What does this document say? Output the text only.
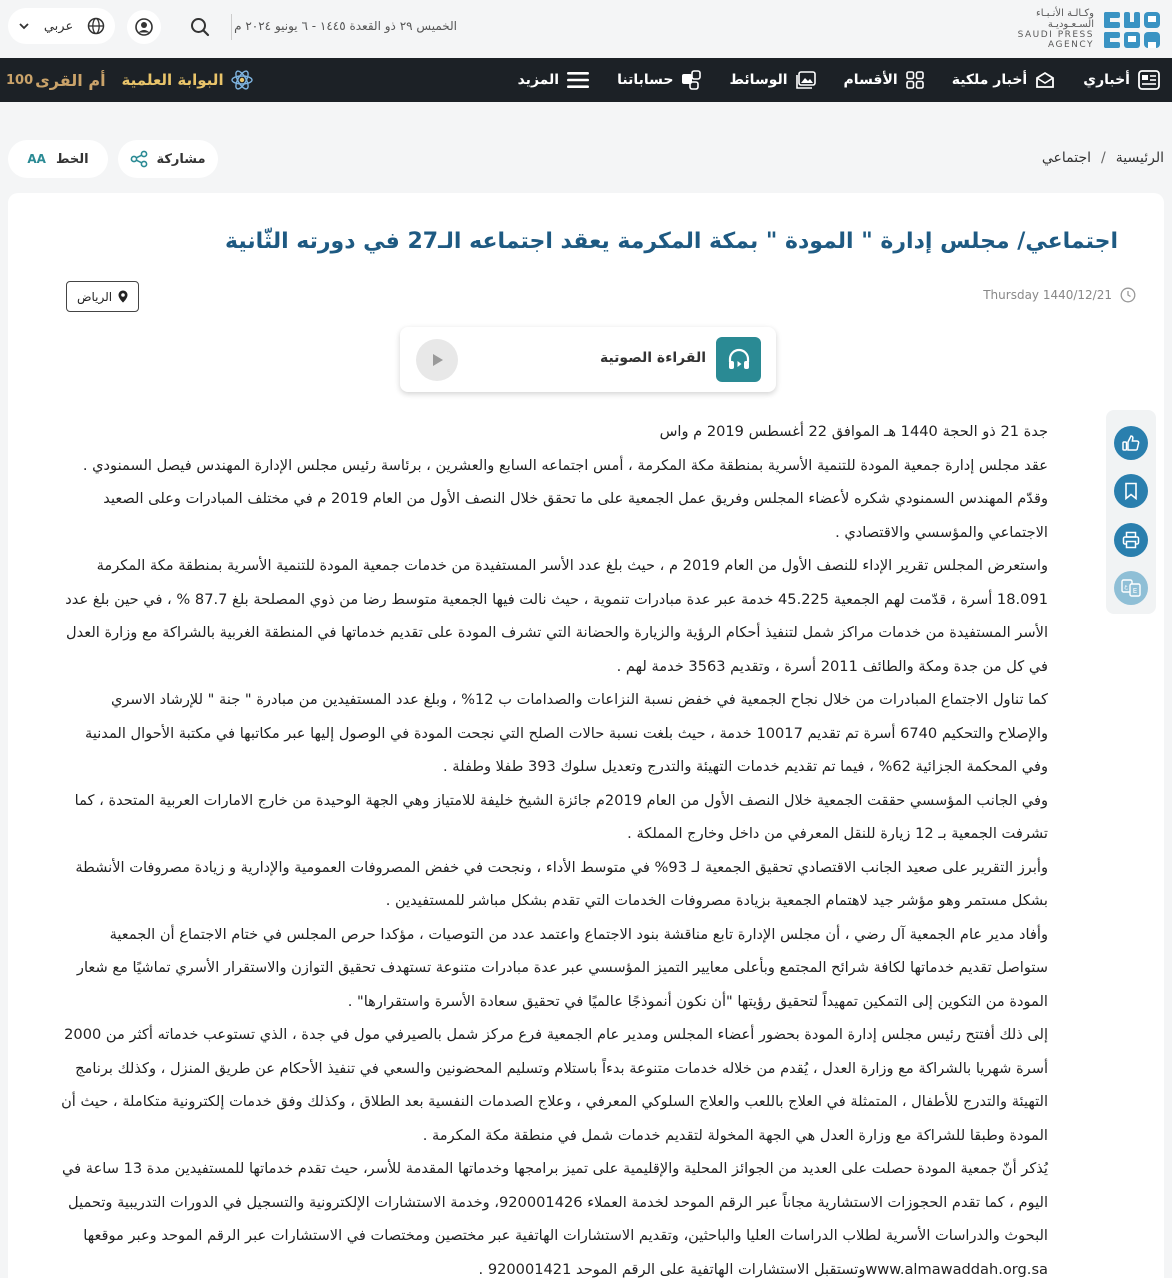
وكـالـة الأنـبـاء السـعـوديـة
SAUDI PRESS AGENCY
الخميس ٢٩ ذو القعدة ١٤٤٥ - ٦ يونيو ٢٠٢٤ م
عربي
أخباري
أخبار ملكية
الأقسام
الوسائط
حساباتنا
المزيد
100 أم القرى البوابة العلمية
الرئيسية
/
اجتماعي
مشاركة
الخط
AA
اجتماعي/ مجلس إدارة " المودة " بمكة المكرمة يعقد اجتماعه الـ27 في دورته الثّانية
Thursday 1440/12/21
الرياض
القراءة الصوتية
E
ع

جدة 21 ذو الحجة 1440 هـ الموافق 22 أغسطس 2019 م واس

عقد مجلس إدارة جمعية المودة للتنمية الأسرية بمنطقة مكة المكرمة ، أمس اجتماعه السابع والعشرين ، برئاسة رئيس مجلس الإدارة المهندس فيصل السمنودي .

وقدّم المهندس السمنودي شكره لأعضاء المجلس وفريق عمل الجمعية على ما تحقق خلال النصف الأول من العام 2019 م في مختلف المبادرات وعلى الصعيد الاجتماعي والمؤسسي والاقتصادي .

واستعرض المجلس تقرير الإداء للنصف الأول من العام 2019 م ، حيث بلغ عدد الأسر المستفيدة من خدمات جمعية المودة للتنمية الأسرية بمنطقة مكة المكرمة 18.091 أسرة ، قدّمت لهم الجمعية 45.225 خدمة عبر عدة مبادرات تنموية ، حيث نالت فيها الجمعية متوسط رضا من ذوي المصلحة بلغ 87.7 % ، في حين بلغ عدد الأسر المستفيدة من خدمات مراكز شمل لتنفيذ أحكام الرؤية والزيارة والحضانة التي تشرف المودة على تقديم خدماتها في المنطقة الغربية بالشراكة مع وزارة العدل في كل من جدة ومكة والطائف 2011 أسرة ، وتقديم 3563 خدمة لهم .

كما تناول الاجتماع المبادرات من خلال نجاح الجمعية في خفض نسبة النزاعات والصدامات ب 12% ، وبلغ عدد المستفيدين من مبادرة " جنة " للإرشاد الاسري والإصلاح والتحكيم 6740 أسرة تم تقديم 10017 خدمة ، حيث بلغت نسبة حالات الصلح التي نجحت المودة في الوصول إليها عبر مكاتبها في مكتبة الأحوال المدنية وفي المحكمة الجزائية 62% ، فيما تم تقديم خدمات التهيئة والتدرج وتعديل سلوك 393 طفلا وطفلة .

وفي الجانب المؤسسي حققت الجمعية خلال النصف الأول من العام 2019م جائزة الشيخ خليفة للامتياز وهي الجهة الوحيدة من خارج الامارات العربية المتحدة ، كما تشرفت الجمعية بـ 12 زيارة للنقل المعرفي من داخل وخارج المملكة .

وأبرز التقرير على صعيد الجانب الاقتصادي تحقيق الجمعية لـ 93% في متوسط الأداء ، ونجحت في خفض المصروفات العمومية والإدارية و زيادة مصروفات الأنشطة بشكل مستمر وهو مؤشر جيد لاهتمام الجمعية بزيادة مصروفات الخدمات التي تقدم بشكل مباشر للمستفيدين .

وأفاد مدير عام الجمعية آل رضي ، أن مجلس الإدارة تابع مناقشة بنود الاجتماع واعتمد عدد من التوصيات ، مؤكدا حرص المجلس في ختام الاجتماع أن الجمعية ستواصل تقديم خدماتها لكافة شرائح المجتمع وبأعلى معايير التميز المؤسسي عبر عدة مبادرات متنوعة تستهدف تحقيق التوازن والاستقرار الأسري تماشيًا مع شعار المودة من التكوين إلى التمكين تمهيداً لتحقيق رؤيتها "أن نكون أنموذجًا عالميًا في تحقيق سعادة الأسرة واستقرارها" .

إلى ذلك أفتتح رئيس مجلس إدارة المودة بحضور أعضاء المجلس ومدير عام الجمعية فرع مركز شمل بالصيرفي مول في جدة ، الذي تستوعب خدماته أكثر من 2000 أسرة شهريا بالشراكة مع وزارة العدل ، يُقدم من خلاله خدمات متنوعة بدءاً باستلام وتسليم المحضونين والسعي في تنفيذ الأحكام عن طريق المنزل ، وكذلك برنامج التهيئة والتدرج للأطفال ، المتمثلة في العلاج باللعب والعلاج السلوكي المعرفي ، وعلاج الصدمات النفسية بعد الطلاق ، وكذلك وفق خدمات إلكترونية متكاملة ، حيث أن المودة وطبقا للشراكة مع وزارة العدل هي الجهة المخولة لتقديم خدمات شمل في منطقة مكة المكرمة .

يُذكر أنّ جمعية المودة حصلت على العديد من الجوائز المحلية والإقليمية على تميز برامجها وخدماتها المقدمة للأسر، حيث تقدم خدماتها للمستفيدين مدة 13 ساعة في اليوم ، كما تقدم الحجوزات الاستشارية مجاناً عبر الرقم الموحد لخدمة العملاء 920001426، وخدمة الاستشارات الإلكترونية والتسجيل في الدورات التدريبية وتحميل البحوث والدراسات الأسرية لطلاب الدراسات العليا والباحثين، وتقديم الاستشارات الهاتفية عبر مختصين ومختصات في الاستشارات عبر الرقم الموحد وعبر موقعها www.almawaddah.org.saوتستقبل الاستشارات الهاتفية على الرقم الموحد 920001421 .
